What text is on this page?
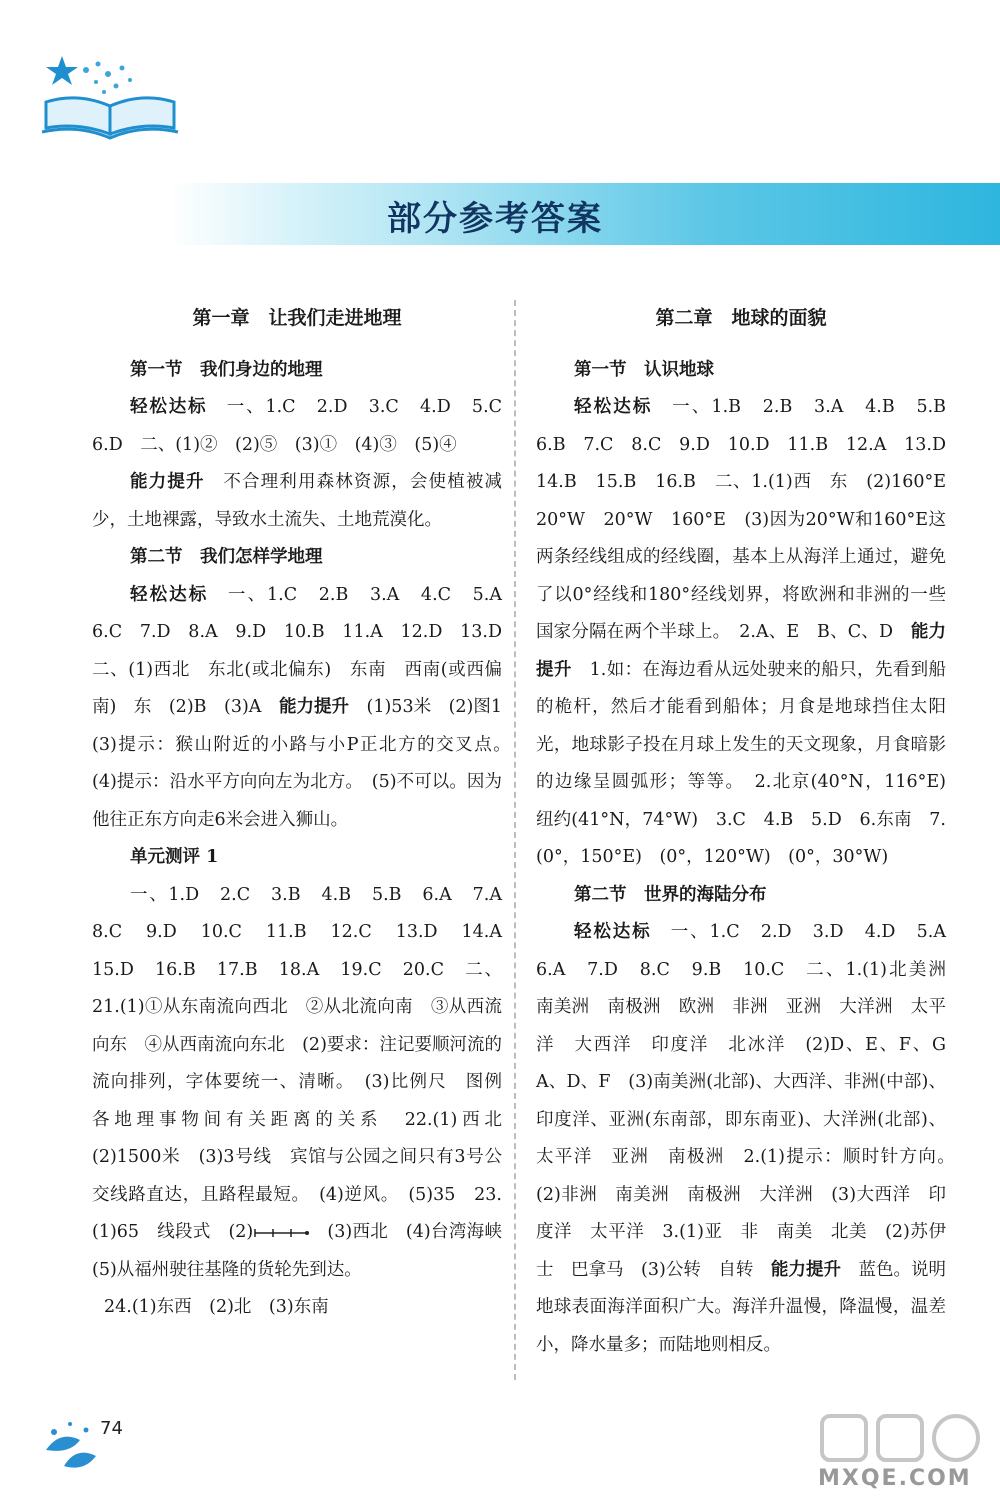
部分参考答案
第一章　让我们走进地理
第一节　我们身边的地理

轻松达标　 一、1.C　2.D　3.C　4.D　5.C　6.D　二、(1)②　(2)⑤　(3)①　(4)③　(5)④

能力提升　 不合理利用森林资源，会使植被减少，土地裸露，导致水土流失、土地荒漠化。

第二节　我们怎样学地理

轻松达标　 一、1.C　2.B　3.A　4.C　5.A　6.C　7.D　8.A　9.D　10.B　11.A　12.D　13.D　二、(1)西北　东北(或北偏东)　东南　西南(或西偏南)　东　(2)B　(3)A　 能力提升　 (1)53米　(2)图1　(3)提示：猴山附近的小路与小P正北方的交叉点。　(4)提示：沿水平方向向左为北方。　(5)不可以。因为他往正东方向走6米会进入狮山。

单元测评 1

一、1.D　2.C　3.B　4.B　5.B　6.A　7.A　8.C　9.D　10.C　11.B　12.C　13.D　14.A　15.D　16.B　17.B　18.A　19.C　20.C　二、21.(1)①从东南流向西北　②从北流向南　③从西流向东　④从西南流向东北　(2)要求：注记要顺河流的流向排列，字体要统一、清晰。　(3)比例尺　图例　各地理事物间有关距离的关系　22.(1)西北　(2)1500米　(3)3号线　宾馆与公园之间只有3号公交线路直达，且路程最短。　(4)逆风。　(5)35　23.(1)65　线段式　(2)	　(3)西北　(4)台湾海峡　(5)从福州驶往基隆的货轮先到达。

24.(1)东西　(2)北　(3)东南
第二章　地球的面貌
第一节　认识地球

轻松达标　 一、1.B　2.B　3.A　4.B　5.B　6.B　7.C　8.C　9.D　10.D　11.B　12.A　13.D　14.B　15.B　16.B　二、1.(1)西　东　(2)160°E　20°W　20°W　160°E　(3)因为20°W和160°E这两条经线组成的经线圈，基本上从海洋上通过，避免了以0°经线和180°经线划界，将欧洲和非洲的一些国家分隔在两个半球上。　2.A、E　B、C、D　 能力提升　 1.如：在海边看从远处驶来的船只，先看到船的桅杆，然后才能看到船体；月食是地球挡住太阳光，地球影子投在月球上发生的天文现象，月食暗影的边缘呈圆弧形；等等。　2.北京(40°N，116°E)　纽约(41°N，74°W)　3.C　4.B　5.D　6.东南　7.(0°，150°E)　(0°，120°W)　(0°，30°W)

第二节　世界的海陆分布

轻松达标　 一、1.C　2.D　3.D　4.D　5.A　6.A　7.D　8.C　9.B　10.C　二、1.(1)北美洲　南美洲　南极洲　欧洲　非洲　亚洲　大洋洲　太平洋　大西洋　印度洋　北冰洋　(2)D、E、F、G　A、D、F　(3)南美洲(北部)、大西洋、非洲(中部)、印度洋、亚洲(东南部，即东南亚)、大洋洲(北部)、太平洋　亚洲　南极洲　2.(1)提示：顺时针方向。　(2)非洲　南美洲　南极洲　大洋洲　(3)大西洋　印度洋　太平洋　3.(1)亚　非　南美　北美　(2)苏伊士　巴拿马　(3)公转　自转　 能力提升　 蓝色。说明地球表面海洋面积广大。海洋升温慢，降温慢，温差小，降水量多；而陆地则相反。

74
MXQE.COM
